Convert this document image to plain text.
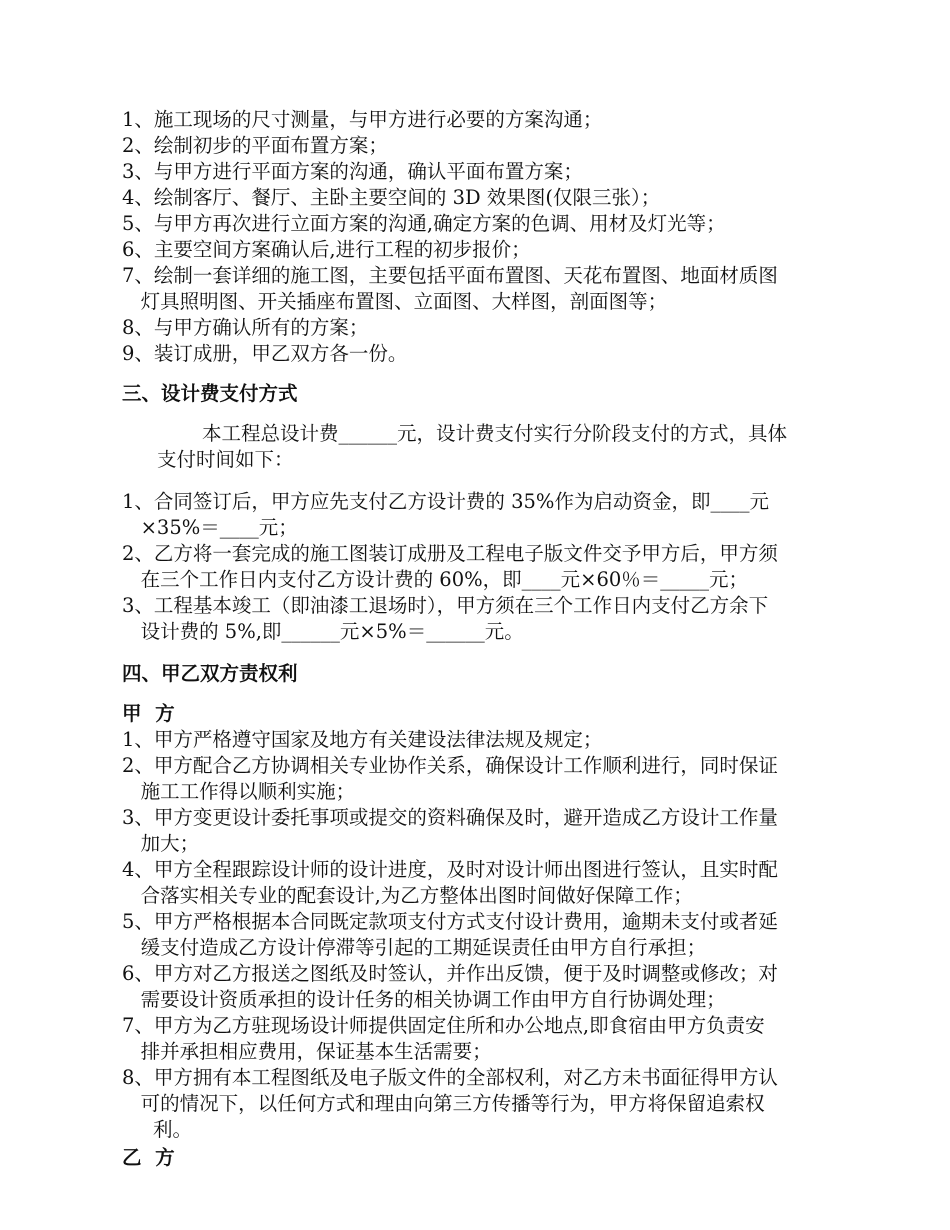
1、施工现场的尺寸测量，与甲方进行必要的方案沟通；
2、绘制初步的平面布置方案；
3、与甲方进行平面方案的沟通，确认平面布置方案；
4、绘制客厅、餐厅、主卧主要空间的 3D 效果图(仅限三张）；
5、与甲方再次进行立面方案的沟通,确定方案的色调、用材及灯光等；
6、主要空间方案确认后,进行工程的初步报价；
7、绘制一套详细的施工图，主要包括平面布置图、天花布置图、地面材质图
灯具照明图、开关插座布置图、立面图、大样图，剖面图等；
8、与甲方确认所有的方案；
9、装订成册，甲乙双方各一份。
三、设计费支付方式
本工程总设计费______元，设计费支付实行分阶段支付的方式，具体
支付时间如下：
1、合同签订后，甲方应先支付乙方设计费的 35%作为启动资金，即____元
×35%＝____元；
2、乙方将一套完成的施工图装订成册及工程电子版文件交予甲方后，甲方须
在三个工作日内支付乙方设计费的 60%，即____元×60％＝_____元；
3、工程基本竣工（即油漆工退场时），甲方须在三个工作日内支付乙方余下
设计费的 5%,即______元×5%＝______元。
四、甲乙双方责权利
甲  方
1、甲方严格遵守国家及地方有关建设法律法规及规定；
2、甲方配合乙方协调相关专业协作关系，确保设计工作顺利进行，同时保证
施工工作得以顺利实施；
3、甲方变更设计委托事项或提交的资料确保及时，避开造成乙方设计工作量
加大；
4、甲方全程跟踪设计师的设计进度，及时对设计师出图进行签认，且实时配
合落实相关专业的配套设计,为乙方整体出图时间做好保障工作；
5、甲方严格根据本合同既定款项支付方式支付设计费用，逾期未支付或者延
缓支付造成乙方设计停滞等引起的工期延误责任由甲方自行承担；
6、甲方对乙方报送之图纸及时签认，并作出反馈，便于及时调整或修改；对
需要设计资质承担的设计任务的相关协调工作由甲方自行协调处理；
7、甲方为乙方驻现场设计师提供固定住所和办公地点,即食宿由甲方负责安
排并承担相应费用，保证基本生活需要；
8、甲方拥有本工程图纸及电子版文件的全部权利，对乙方未书面征得甲方认
可的情况下，以任何方式和理由向第三方传播等行为，甲方将保留追索权
利。
乙  方
